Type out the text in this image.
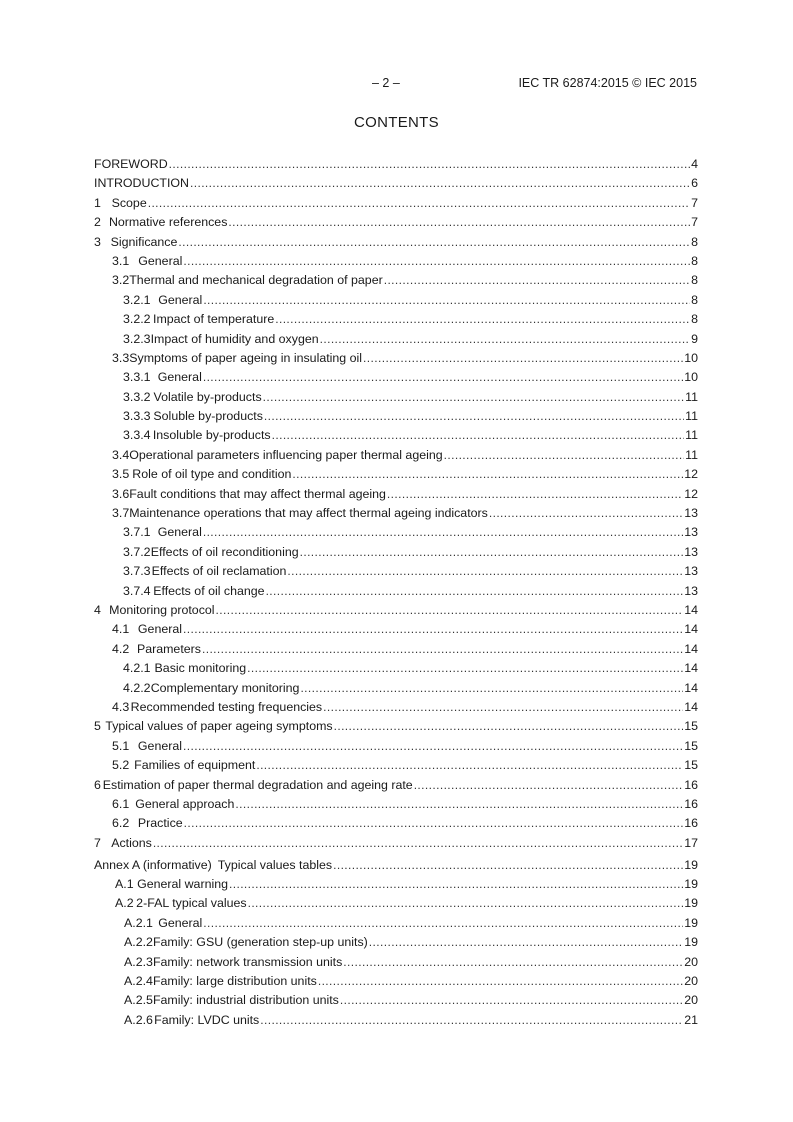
– 2 –	IEC TR 62874:2015 © IEC 2015
CONTENTS
FOREWORD .....	4
INTRODUCTION .....	6
1 Scope .....	7
2 Normative references .....	7
3 Significance .....	8
3.1 General .....	8
3.2 Thermal and mechanical degradation of paper .....	8
3.2.1 General .....	8
3.2.2 Impact of temperature .....	8
3.2.3 Impact of humidity and oxygen .....	9
3.3 Symptoms of paper ageing in insulating oil .....	10
3.3.1 General .....	10
3.3.2 Volatile by-products .....	11
3.3.3 Soluble by-products .....	11
3.3.4 Insoluble by-products .....	11
3.4 Operational parameters influencing paper thermal ageing .....	11
3.5 Role of oil type and condition .....	12
3.6 Fault conditions that may affect thermal ageing .....	12
3.7 Maintenance operations that may affect thermal ageing indicators .....	13
3.7.1 General .....	13
3.7.2 Effects of oil reconditioning .....	13
3.7.3 Effects of oil reclamation .....	13
3.7.4 Effects of oil change .....	13
4 Monitoring protocol .....	14
4.1 General .....	14
4.2 Parameters .....	14
4.2.1 Basic monitoring .....	14
4.2.2 Complementary monitoring .....	14
4.3 Recommended testing frequencies .....	14
5 Typical values of paper ageing symptoms .....	15
5.1 General .....	15
5.2 Families of equipment .....	15
6 Estimation of paper thermal degradation and ageing rate .....	16
6.1 General approach .....	16
6.2 Practice .....	16
7 Actions .....	17
Annex A (informative) Typical values tables .....	19
A.1 General warning .....	19
A.2 2-FAL typical values .....	19
A.2.1 General .....	19
A.2.2 Family: GSU (generation step-up units) .....	19
A.2.3 Family: network transmission units .....	20
A.2.4 Family: large distribution units .....	20
A.2.5 Family: industrial distribution units .....	20
A.2.6 Family: LVDC units .....	21
